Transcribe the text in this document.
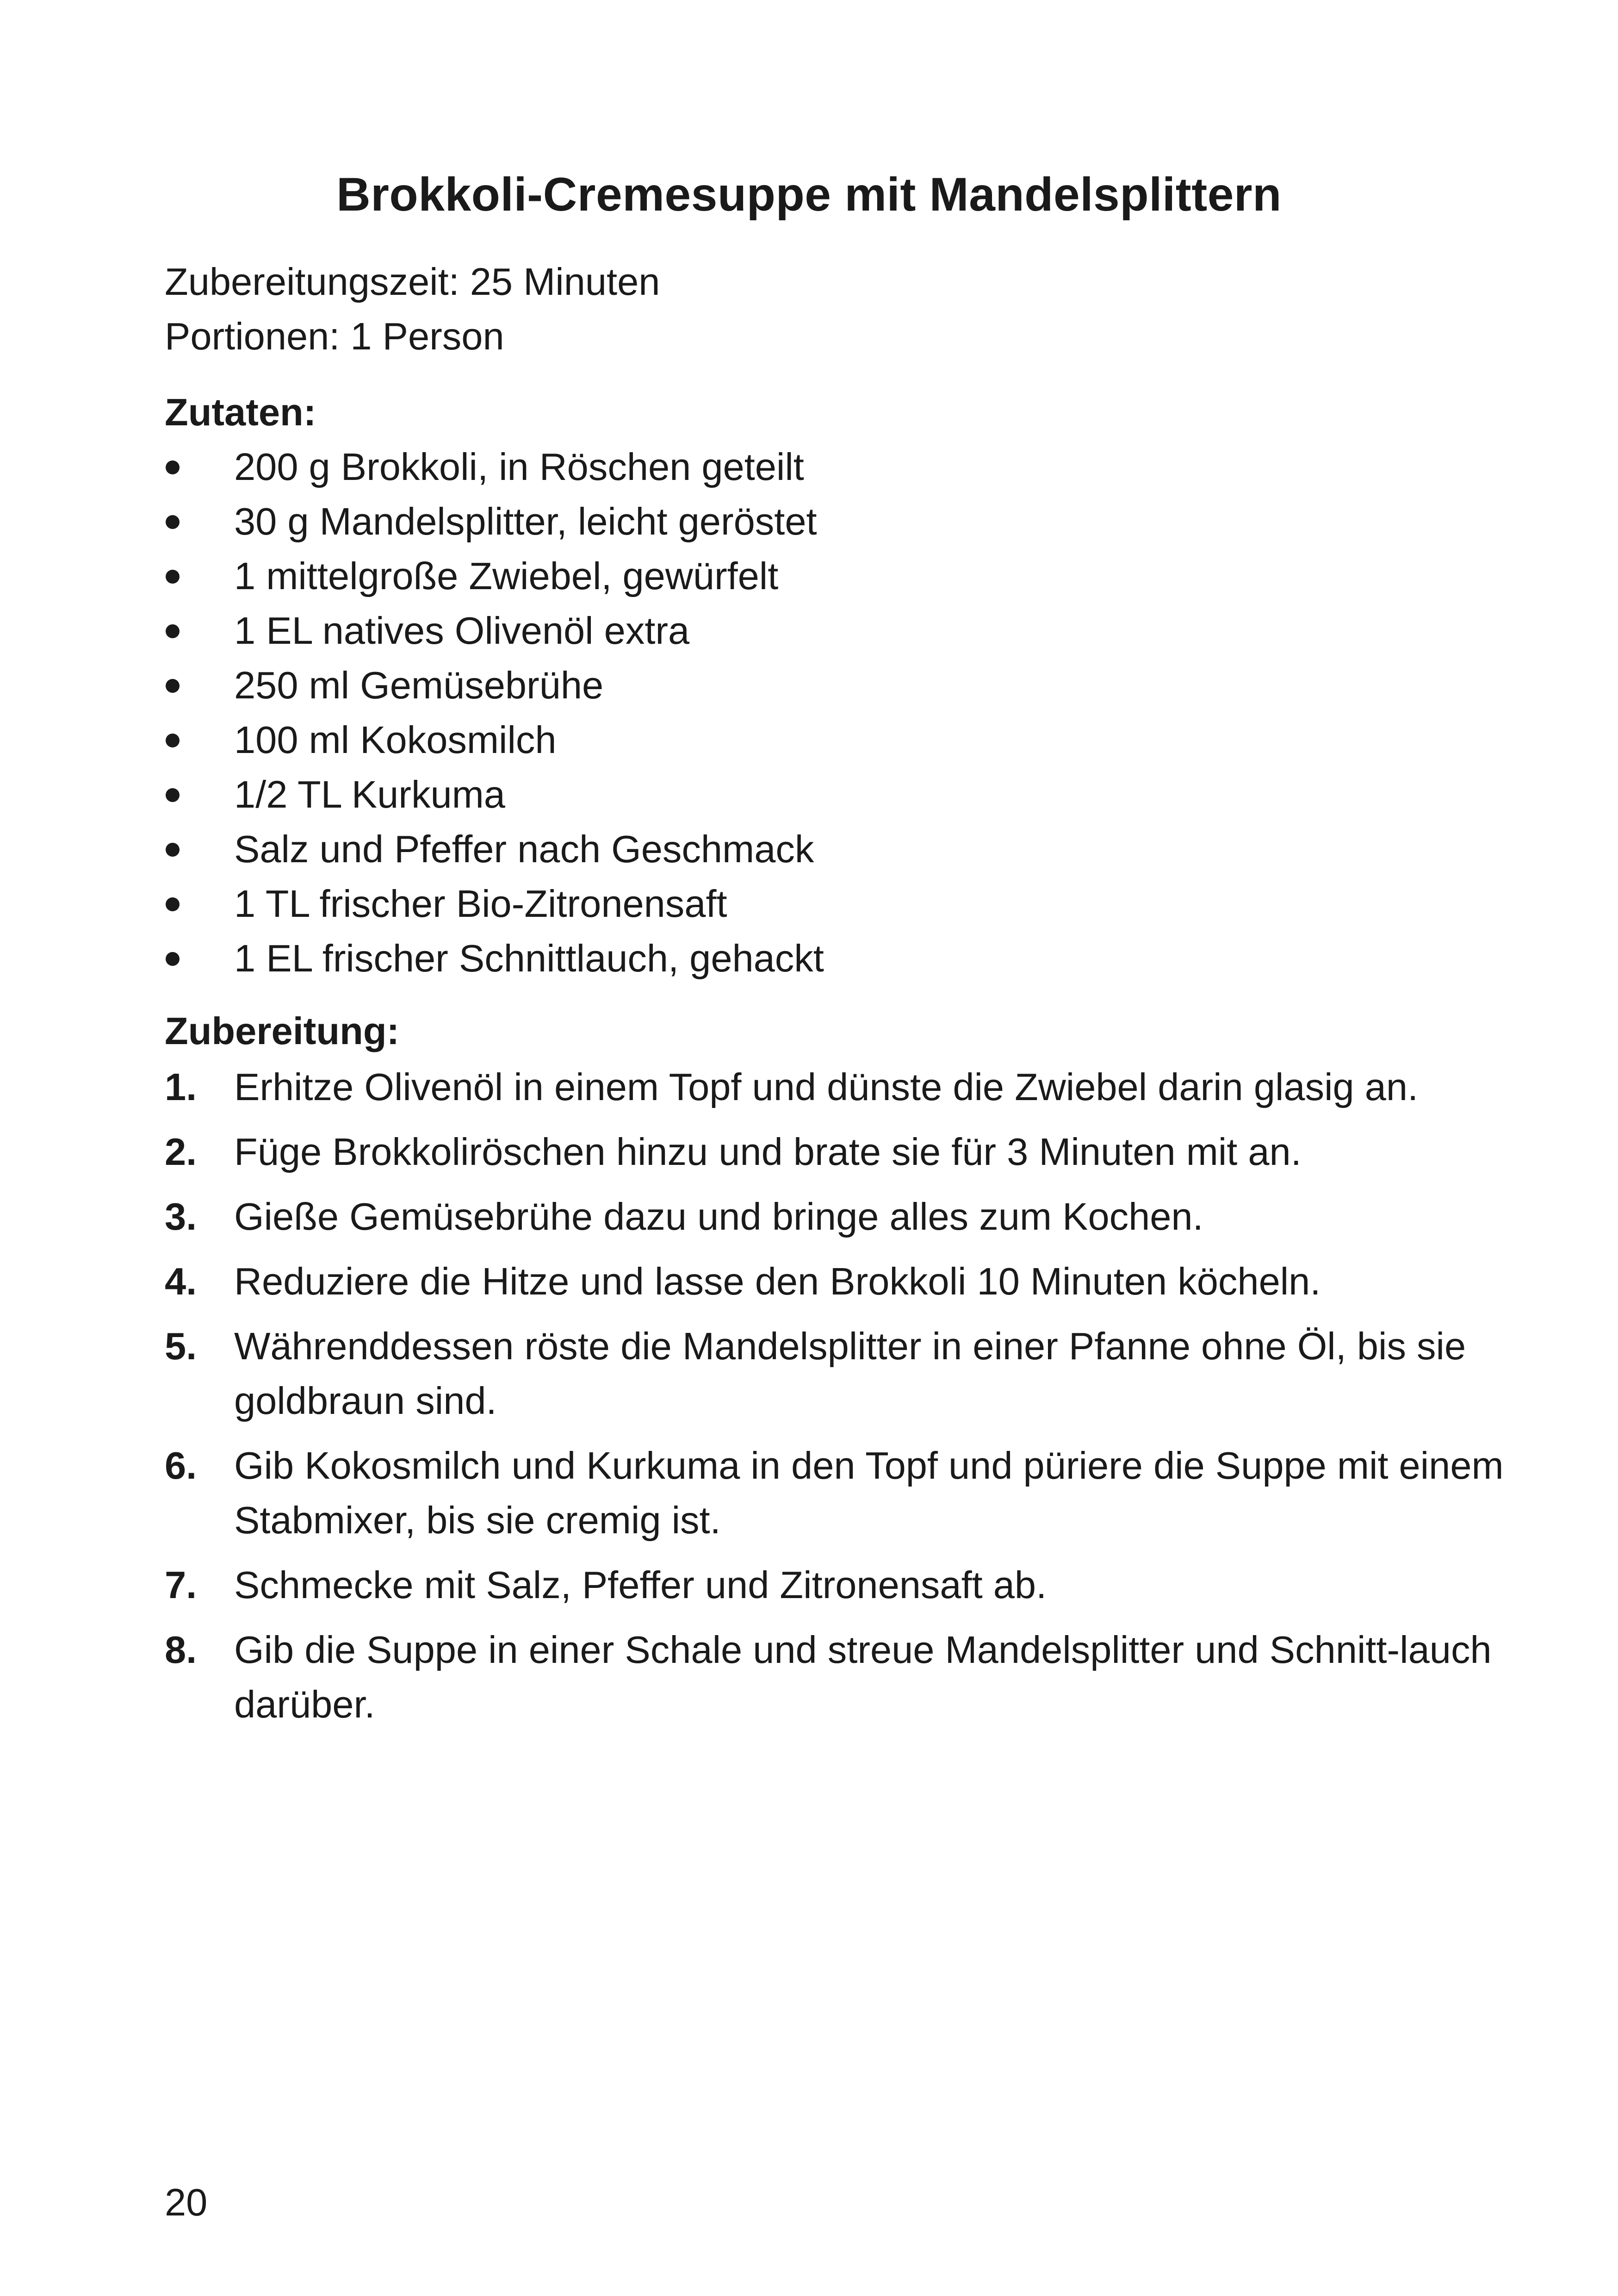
Brokkoli-Cremesuppe mit Mandelsplittern
Zubereitungszeit: 25 Minuten
Portionen: 1 Person
Zutaten:
200 g Brokkoli, in Röschen geteilt
30 g Mandelsplitter, leicht geröstet
1 mittelgroße Zwiebel, gewürfelt
1 EL natives Olivenöl extra
250 ml Gemüsebrühe
100 ml Kokosmilch
1/2 TL Kurkuma
Salz und Pfeffer nach Geschmack
1 TL frischer Bio-Zitronensaft
1 EL frischer Schnittlauch, gehackt
Zubereitung:
1. Erhitze Olivenöl in einem Topf und dünste die Zwiebel darin glasig an.
2. Füge Brokkoliröschen hinzu und brate sie für 3 Minuten mit an.
3. Gieße Gemüsebrühe dazu und bringe alles zum Kochen.
4. Reduziere die Hitze und lasse den Brokkoli 10 Minuten köcheln.
5. Währenddessen röste die Mandelsplitter in einer Pfanne ohne Öl, bis sie goldbraun sind.
6. Gib Kokosmilch und Kurkuma in den Topf und püriere die Suppe mit einem Stabmixer, bis sie cremig ist.
7. Schmecke mit Salz, Pfeffer und Zitronensaft ab.
8. Gib die Suppe in einer Schale und streue Mandelsplitter und Schnitt-lauch darüber.
20
